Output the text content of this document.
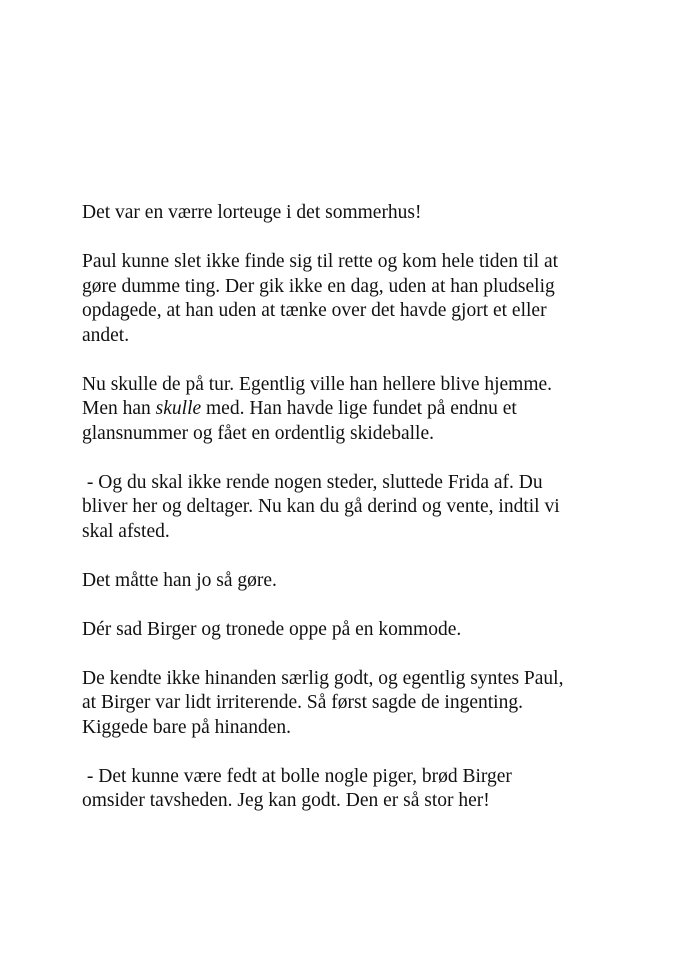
Det var en værre lorteuge i det sommerhus!

Paul kunne slet ikke finde sig til rette og kom hele tiden til at
gøre dumme ting. Der gik ikke en dag, uden at han pludselig
opdagede, at han uden at tænke over det havde gjort et eller
andet.

Nu skulle de på tur. Egentlig ville han hellere blive hjemme.
Men han skulle med. Han havde lige fundet på endnu et
glansnummer og fået en ordentlig skideballe.

- Og du skal ikke rende nogen steder, sluttede Frida af. Du
bliver her og deltager. Nu kan du gå derind og vente, indtil vi
skal afsted.

Det måtte han jo så gøre.

Dér sad Birger og tronede oppe på en kommode.

De kendte ikke hinanden særlig godt, og egentlig syntes Paul,
at Birger var lidt irriterende. Så først sagde de ingenting.
Kiggede bare på hinanden.

- Det kunne være fedt at bolle nogle piger, brød Birger
omsider tavsheden. Jeg kan godt. Den er så stor her!
